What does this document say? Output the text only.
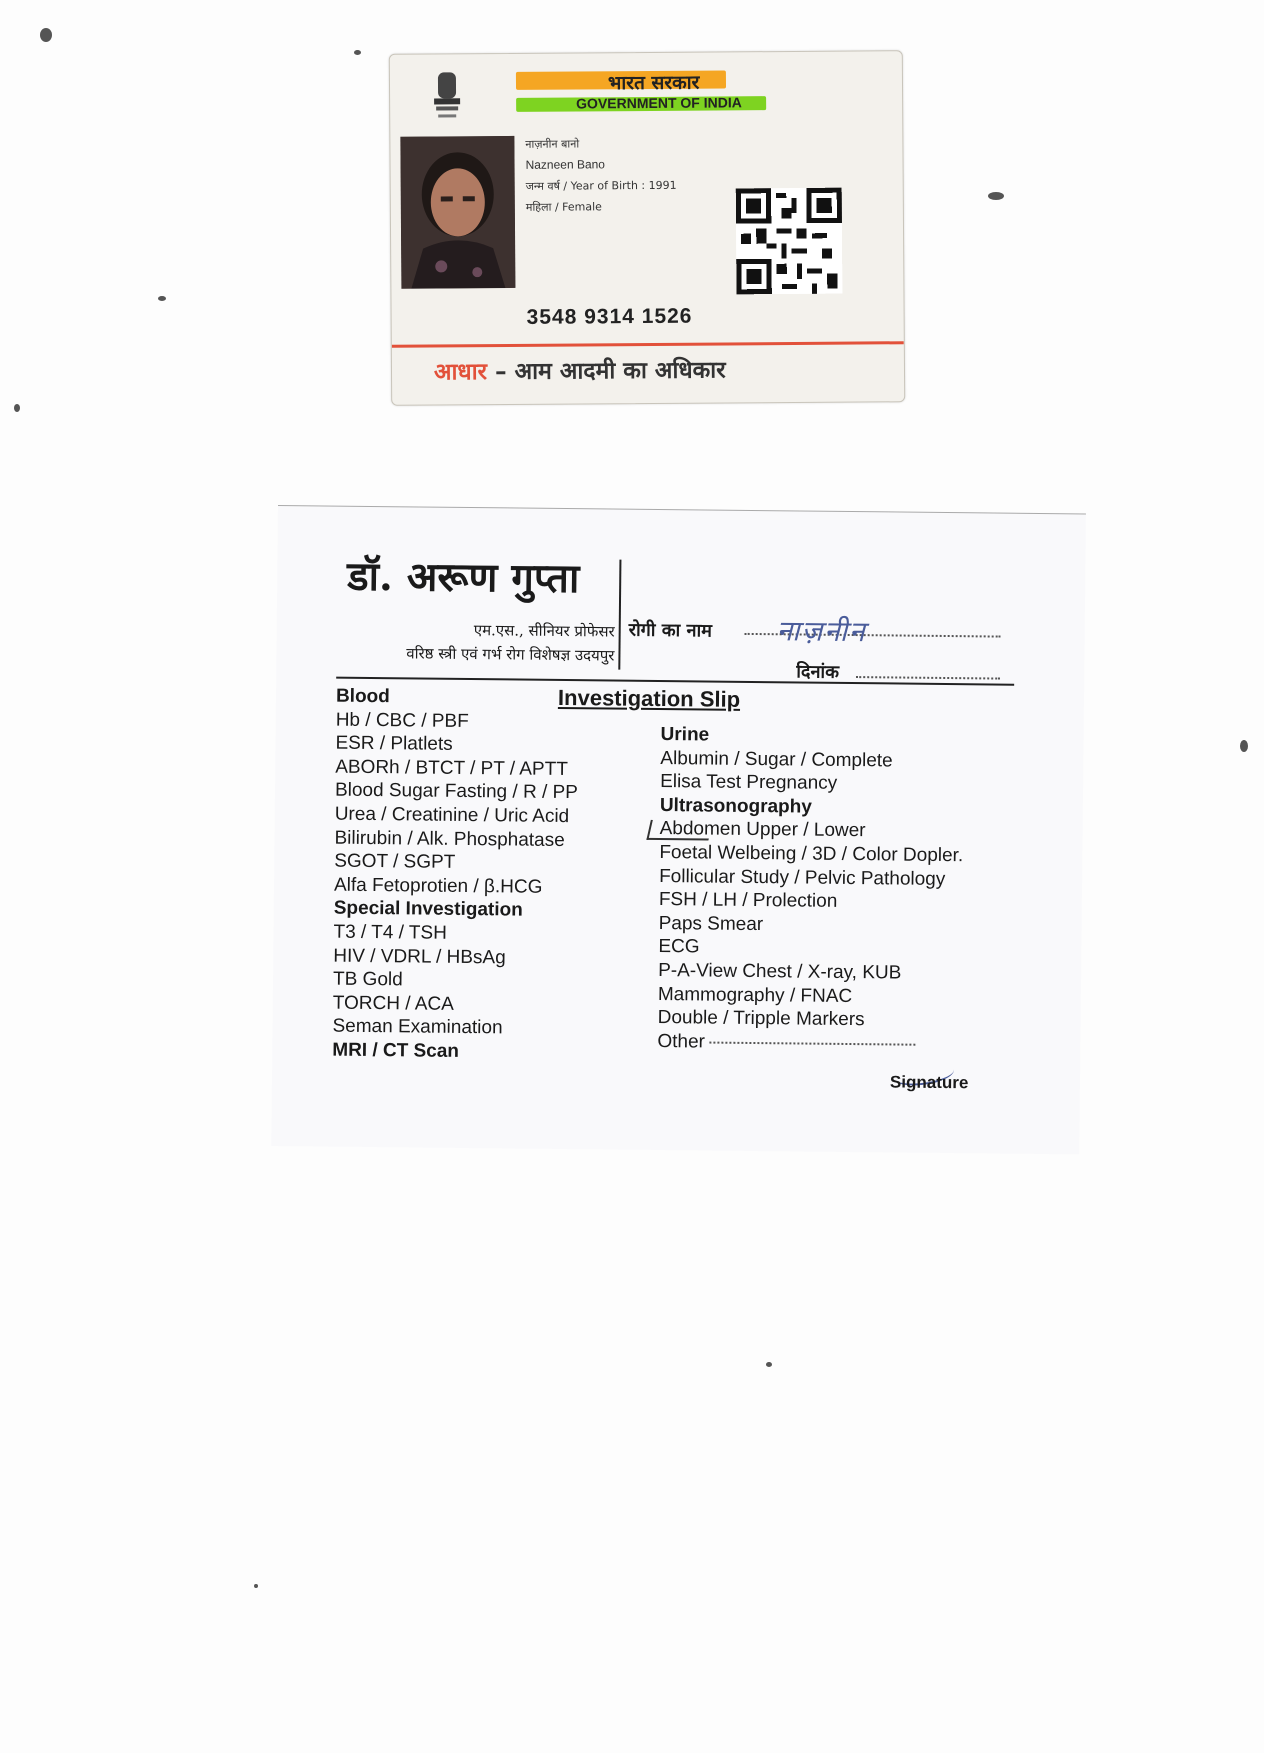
भारत सरकार
GOVERNMENT OF INDIA
नाज़नीन बानो
Nazneen Bano
जन्म वर्ष / Year of Birth : 1991
महिला / Female
3548 9314 1526
आधार – आम आदमी का अधिकार
डॉ. अरूण गुप्ता
एम.एस., सीनियर प्रोफेसर
वरिष्ठ स्त्री एवं गर्भ रोग विशेषज्ञ उदयपुर
रोगी का नाम नाज़नीन
दिनांक
Investigation Slip
Blood
Hb / CBC / PBF
ESR / Platlets
ABORh / BTCT / PT / APTT
Blood Sugar Fasting / R / PP
Urea / Creatinine / Uric Acid
Bilirubin / Alk. Phosphatase
SGOT / SGPT
Alfa Fetoprotien / β.HCG
Special Investigation
T3 / T4 / TSH
HIV / VDRL / HBsAg
TB Gold
TORCH / ACA
Seman Examination
MRI / CT Scan
Urine
Albumin / Sugar / Complete
Elisa Test Pregnancy
Ultrasonography
Abdomen Upper / Lower
Foetal Welbeing / 3D / Color Dopler.
Follicular Study / Pelvic Pathology
FSH / LH / Prolection
Paps Smear
ECG
P-A-View Chest / X-ray, KUB
Mammography / FNAC
Double / Tripple Markers
Other
Signature
